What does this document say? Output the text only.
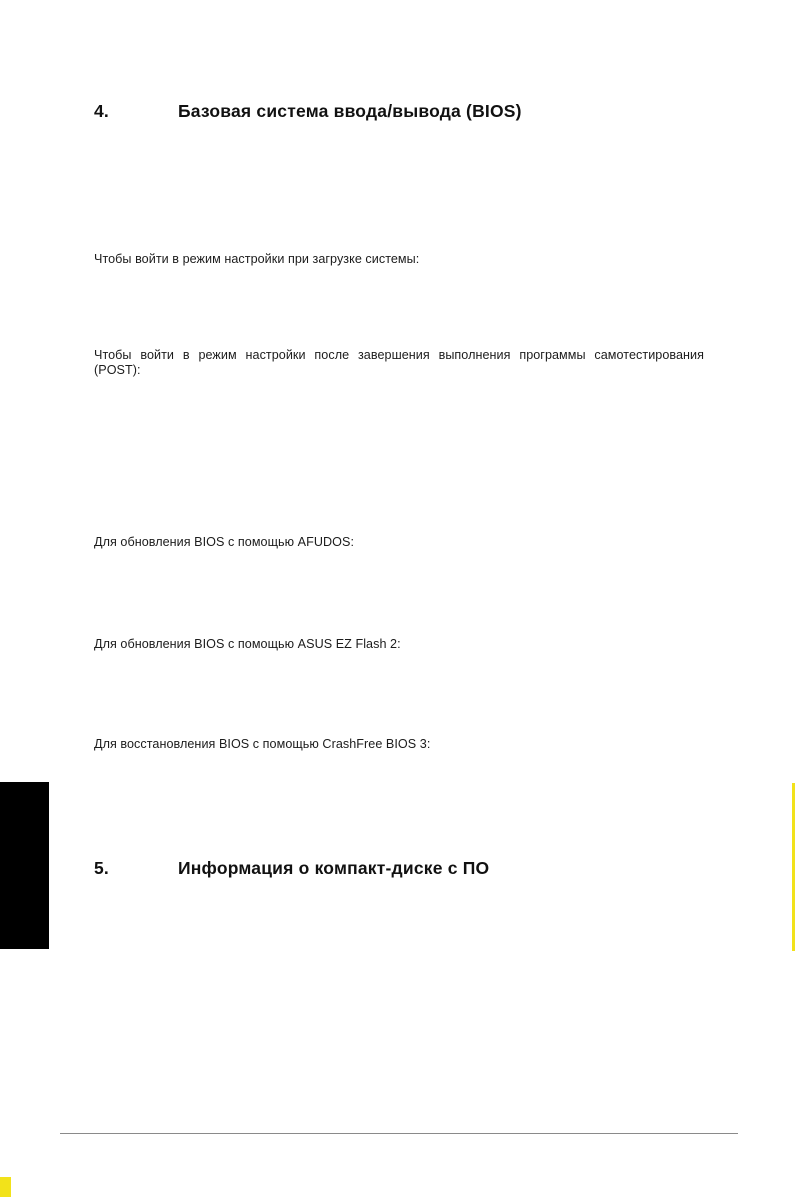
4.	Базовая система ввода/вывода (BIOS)
Чтобы войти в режим настройки при загрузке системы:
Чтобы войти в режим настройки после завершения выполнения программы самотестирования (POST):
Для обновления BIOS с помощью AFUDOS:
Для обновления BIOS с помощью ASUS EZ Flash 2:
Для восстановления BIOS с помощью CrashFree BIOS 3:
5.	Информация о компакт-диске с ПО
